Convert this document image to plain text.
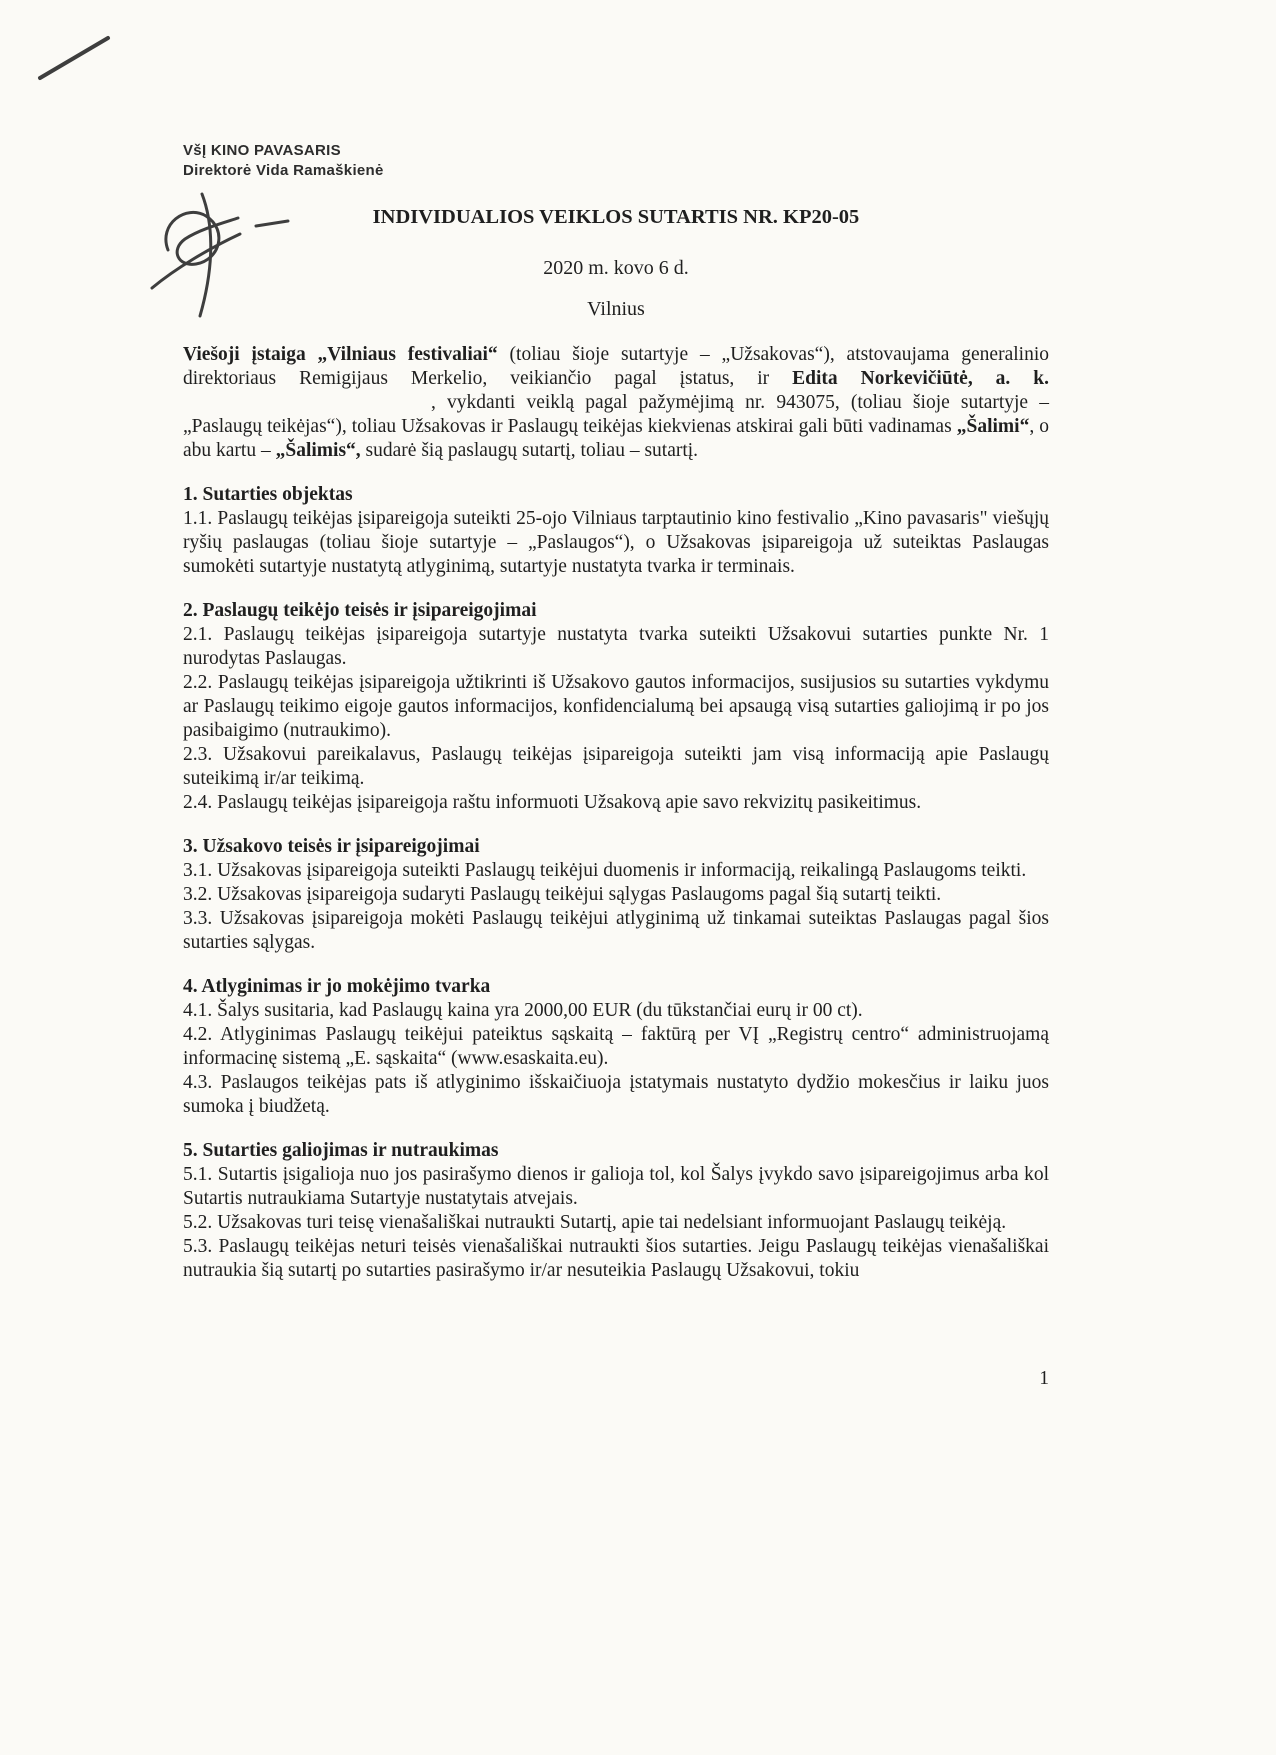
VšĮ KINO PAVASARIS
Direktorė Vida Ramaškienė
INDIVIDUALIOS VEIKLOS SUTARTIS NR. KP20-05
2020 m. kovo 6 d.
Vilnius

Viešoji įstaiga „Vilniaus festivaliai“ (toliau šioje sutartyje – „Užsakovas“), atstovaujama generalinio direktoriaus Remigijaus Merkelio, veikiančio pagal įstatus, ir Edita Norkevičiūtė, a. k., vykdanti veiklą pagal pažymėjimą nr. 943075, (toliau šioje sutartyje – „Paslaugų teikėjas“), toliau Užsakovas ir Paslaugų teikėjas kiekvienas atskirai gali būti vadinamas „Šalimi“, o abu kartu – „Šalimis“, sudarė šią paslaugų sutartį, toliau – sutartį.

1. Sutarties objektas

1.1. Paslaugų teikėjas įsipareigoja suteikti 25-ojo Vilniaus tarptautinio kino festivalio „Kino pavasaris" viešųjų ryšių paslaugas (toliau šioje sutartyje – „Paslaugos“), o Užsakovas įsipareigoja už suteiktas Paslaugas sumokėti sutartyje nustatytą atlyginimą, sutartyje nustatyta tvarka ir terminais.

2. Paslaugų teikėjo teisės ir įsipareigojimai

2.1. Paslaugų teikėjas įsipareigoja sutartyje nustatyta tvarka suteikti Užsakovui sutarties punkte Nr. 1 nurodytas Paslaugas.

2.2. Paslaugų teikėjas įsipareigoja užtikrinti iš Užsakovo gautos informacijos, susijusios su sutarties vykdymu ar Paslaugų teikimo eigoje gautos informacijos, konfidencialumą bei apsaugą visą sutarties galiojimą ir po jos pasibaigimo (nutraukimo).

2.3. Užsakovui pareikalavus, Paslaugų teikėjas įsipareigoja suteikti jam visą informaciją apie Paslaugų suteikimą ir/ar teikimą.

2.4. Paslaugų teikėjas įsipareigoja raštu informuoti Užsakovą apie savo rekvizitų pasikeitimus.

3. Užsakovo teisės ir įsipareigojimai

3.1. Užsakovas įsipareigoja suteikti Paslaugų teikėjui duomenis ir informaciją, reikalingą Paslaugoms teikti.

3.2. Užsakovas įsipareigoja sudaryti Paslaugų teikėjui sąlygas Paslaugoms pagal šią sutartį teikti.

3.3. Užsakovas įsipareigoja mokėti Paslaugų teikėjui atlyginimą už tinkamai suteiktas Paslaugas pagal šios sutarties sąlygas.

4. Atlyginimas ir jo mokėjimo tvarka

4.1. Šalys susitaria, kad Paslaugų kaina yra 2000,00 EUR (du tūkstančiai eurų ir 00 ct).

4.2. Atlyginimas Paslaugų teikėjui pateiktus sąskaitą – faktūrą per VĮ „Registrų centro“ administruojamą informacinę sistemą „E. sąskaita“ (www.esaskaita.eu).

4.3. Paslaugos teikėjas pats iš atlyginimo išskaičiuoja įstatymais nustatyto dydžio mokesčius ir laiku juos sumoka į biudžetą.

5. Sutarties galiojimas ir nutraukimas

5.1. Sutartis įsigalioja nuo jos pasirašymo dienos ir galioja tol, kol Šalys įvykdo savo įsipareigojimus arba kol Sutartis nutraukiama Sutartyje nustatytais atvejais.

5.2. Užsakovas turi teisę vienašališkai nutraukti Sutartį, apie tai nedelsiant informuojant Paslaugų teikėją.

5.3. Paslaugų teikėjas neturi teisės vienašališkai nutraukti šios sutarties. Jeigu Paslaugų teikėjas vienašališkai nutraukia šią sutartį po sutarties pasirašymo ir/ar nesuteikia Paslaugų Užsakovui, tokiu

1
